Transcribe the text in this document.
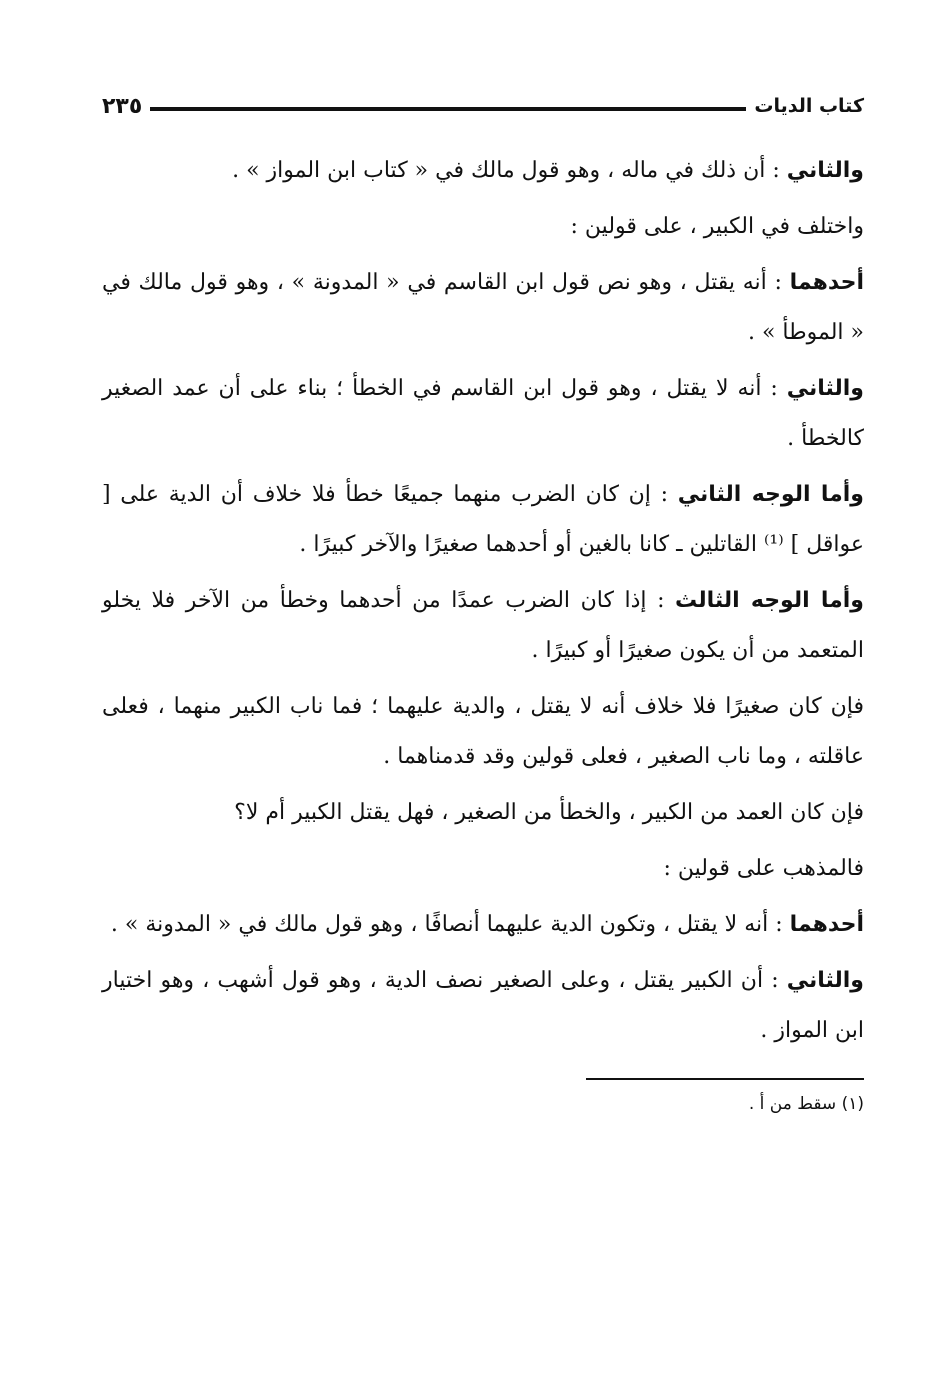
كتاب الديات
٢٣٥

والثاني : أن ذلك في ماله ، وهو قول مالك في « كتاب ابن المواز » .

واختلف في الكبير ، على قولين :

أحدهما : أنه يقتل ، وهو نص قول ابن القاسم في « المدونة » ، وهو قول مالك في « الموطأ » .

والثاني : أنه لا يقتل ، وهو قول ابن القاسم في الخطأ ؛ بناء على أن عمد الصغير كالخطأ .

وأما الوجه الثاني : إن كان الضرب منهما جميعًا خطأ فلا خلاف أن الدية على [ عواقل ] ⁽¹⁾ القاتلين ـ كانا بالغين أو أحدهما صغيرًا والآخر كبيرًا .

وأما الوجه الثالث : إذا كان الضرب عمدًا من أحدهما وخطأ من الآخر فلا يخلو المتعمد من أن يكون صغيرًا أو كبيرًا .

فإن كان صغيرًا فلا خلاف أنه لا يقتل ، والدية عليهما ؛ فما ناب الكبير منهما ، فعلى عاقلته ، وما ناب الصغير ، فعلى قولين وقد قدمناهما .

فإن كان العمد من الكبير ، والخطأ من الصغير ، فهل يقتل الكبير أم لا؟

فالمذهب على قولين :

أحدهما : أنه لا يقتل ، وتكون الدية عليهما أنصافًا ، وهو قول مالك في « المدونة » .

والثاني : أن الكبير يقتل ، وعلى الصغير نصف الدية ، وهو قول أشهب ، وهو اختيار ابن المواز .

(١) سقط من أ .
